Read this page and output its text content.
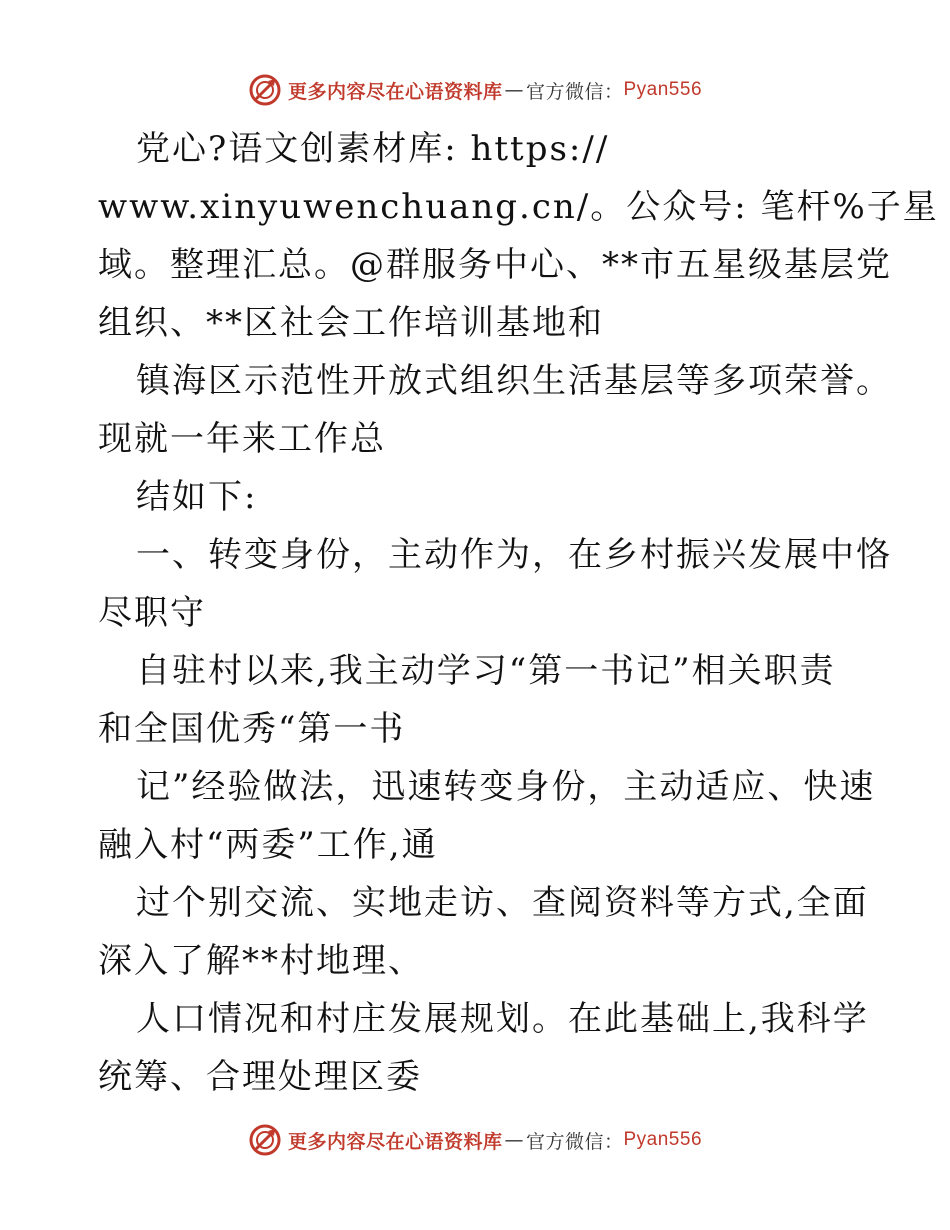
更多内容尽在心语资料库 — 官方微信： Pyan556
党心?语文创素材库: https://
www.xinyuwenchuang.cn/。公众号: 笔杆%子星
域。整理汇总。@群服务中心、**市五星级基层党
组织、**区社会工作培训基地和
镇海区示范性开放式组织生活基层等多项荣誉。
现就一年来工作总
结如下:
一、转变身份，主动作为，在乡村振兴发展中恪
尽职守
自驻村以来,我主动学习“第一书记”相关职责
和全国优秀“第一书
记”经验做法，迅速转变身份，主动适应、快速
融入村“两委”工作,通
过个别交流、实地走访、查阅资料等方式,全面
深入了解**村地理、
人口情况和村庄发展规划。在此基础上,我科学
统筹、合理处理区委
更多内容尽在心语资料库 — 官方微信： Pyan556
